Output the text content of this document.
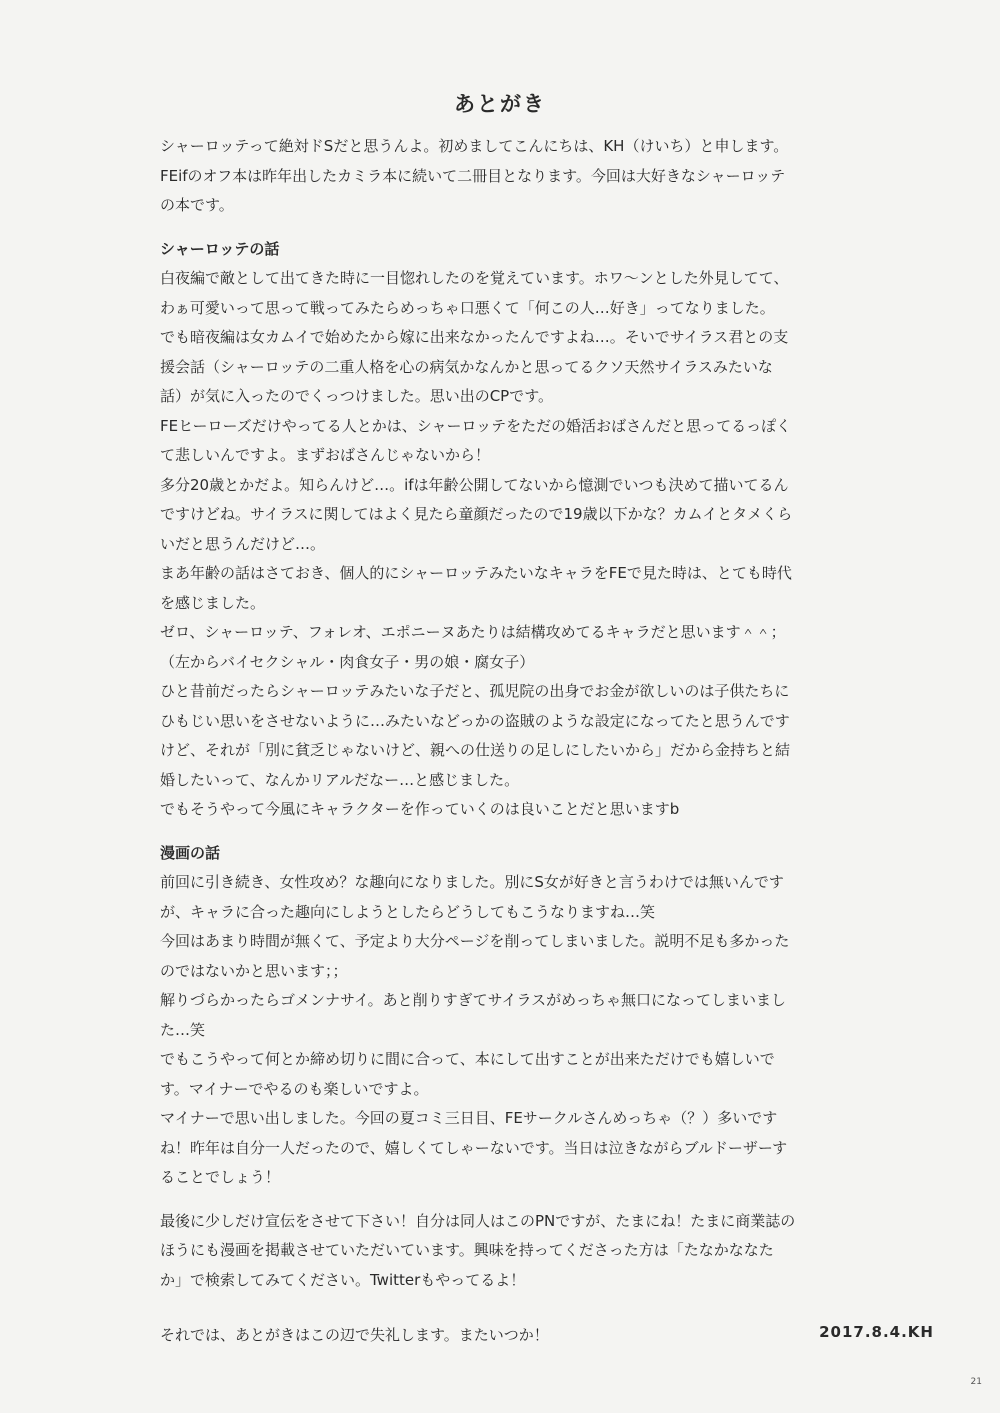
あとがき
シャーロッテって絶対ドSだと思うんよ。初めましてこんにちは、KH（けいち）と申します。
FEifのオフ本は昨年出したカミラ本に続いて二冊目となります。今回は大好きなシャーロッテ
の本です。
シャーロッテの話
白夜編で敵として出てきた時に一目惚れしたのを覚えています。ホワ～ンとした外見してて、
わぁ可愛いって思って戦ってみたらめっちゃ口悪くて「何この人…好き」ってなりました。
でも暗夜編は女カムイで始めたから嫁に出来なかったんですよね…。そいでサイラス君との支
援会話（シャーロッテの二重人格を心の病気かなんかと思ってるクソ天然サイラスみたいな
話）が気に入ったのでくっつけました。思い出のCPです。
FEヒーローズだけやってる人とかは、シャーロッテをただの婚活おばさんだと思ってるっぽく
て悲しいんですよ。まずおばさんじゃないから！
多分20歳とかだよ。知らんけど…。ifは年齢公開してないから憶測でいつも決めて描いてるん
ですけどね。サイラスに関してはよく見たら童顔だったので19歳以下かな？カムイとタメくら
いだと思うんだけど…。
まあ年齢の話はさておき、個人的にシャーロッテみたいなキャラをFEで見た時は、とても時代
を感じました。
ゼロ、シャーロッテ、フォレオ、エポニーヌあたりは結構攻めてるキャラだと思います＾＾；
（左からバイセクシャル・肉食女子・男の娘・腐女子）
ひと昔前だったらシャーロッテみたいな子だと、孤児院の出身でお金が欲しいのは子供たちに
ひもじい思いをさせないように…みたいなどっかの盗賊のような設定になってたと思うんです
けど、それが「別に貧乏じゃないけど、親への仕送りの足しにしたいから」だから金持ちと結
婚したいって、なんかリアルだなー…と感じました。
でもそうやって今風にキャラクターを作っていくのは良いことだと思いますb
漫画の話
前回に引き続き、女性攻め？な趣向になりました。別にS女が好きと言うわけでは無いんです
が、キャラに合った趣向にしようとしたらどうしてもこうなりますね…笑
今回はあまり時間が無くて、予定より大分ページを削ってしまいました。説明不足も多かった
のではないかと思います；；
解りづらかったらゴメンナサイ。あと削りすぎてサイラスがめっちゃ無口になってしまいまし
た…笑
でもこうやって何とか締め切りに間に合って、本にして出すことが出来ただけでも嬉しいで
す。マイナーでやるのも楽しいですよ。
マイナーで思い出しました。今回の夏コミ三日目、FEサークルさんめっちゃ（？）多いです
ね！昨年は自分一人だったので、嬉しくてしゃーないです。当日は泣きながらブルドーザーす
ることでしょう！
最後に少しだけ宣伝をさせて下さい！自分は同人はこのPNですが、たまにね！たまに商業誌の
ほうにも漫画を掲載させていただいています。興味を持ってくださった方は「たなかななた
か」で検索してみてください。Twitterもやってるよ！
それでは、あとがきはこの辺で失礼します。またいつか！	2017.8.4.KH
21
